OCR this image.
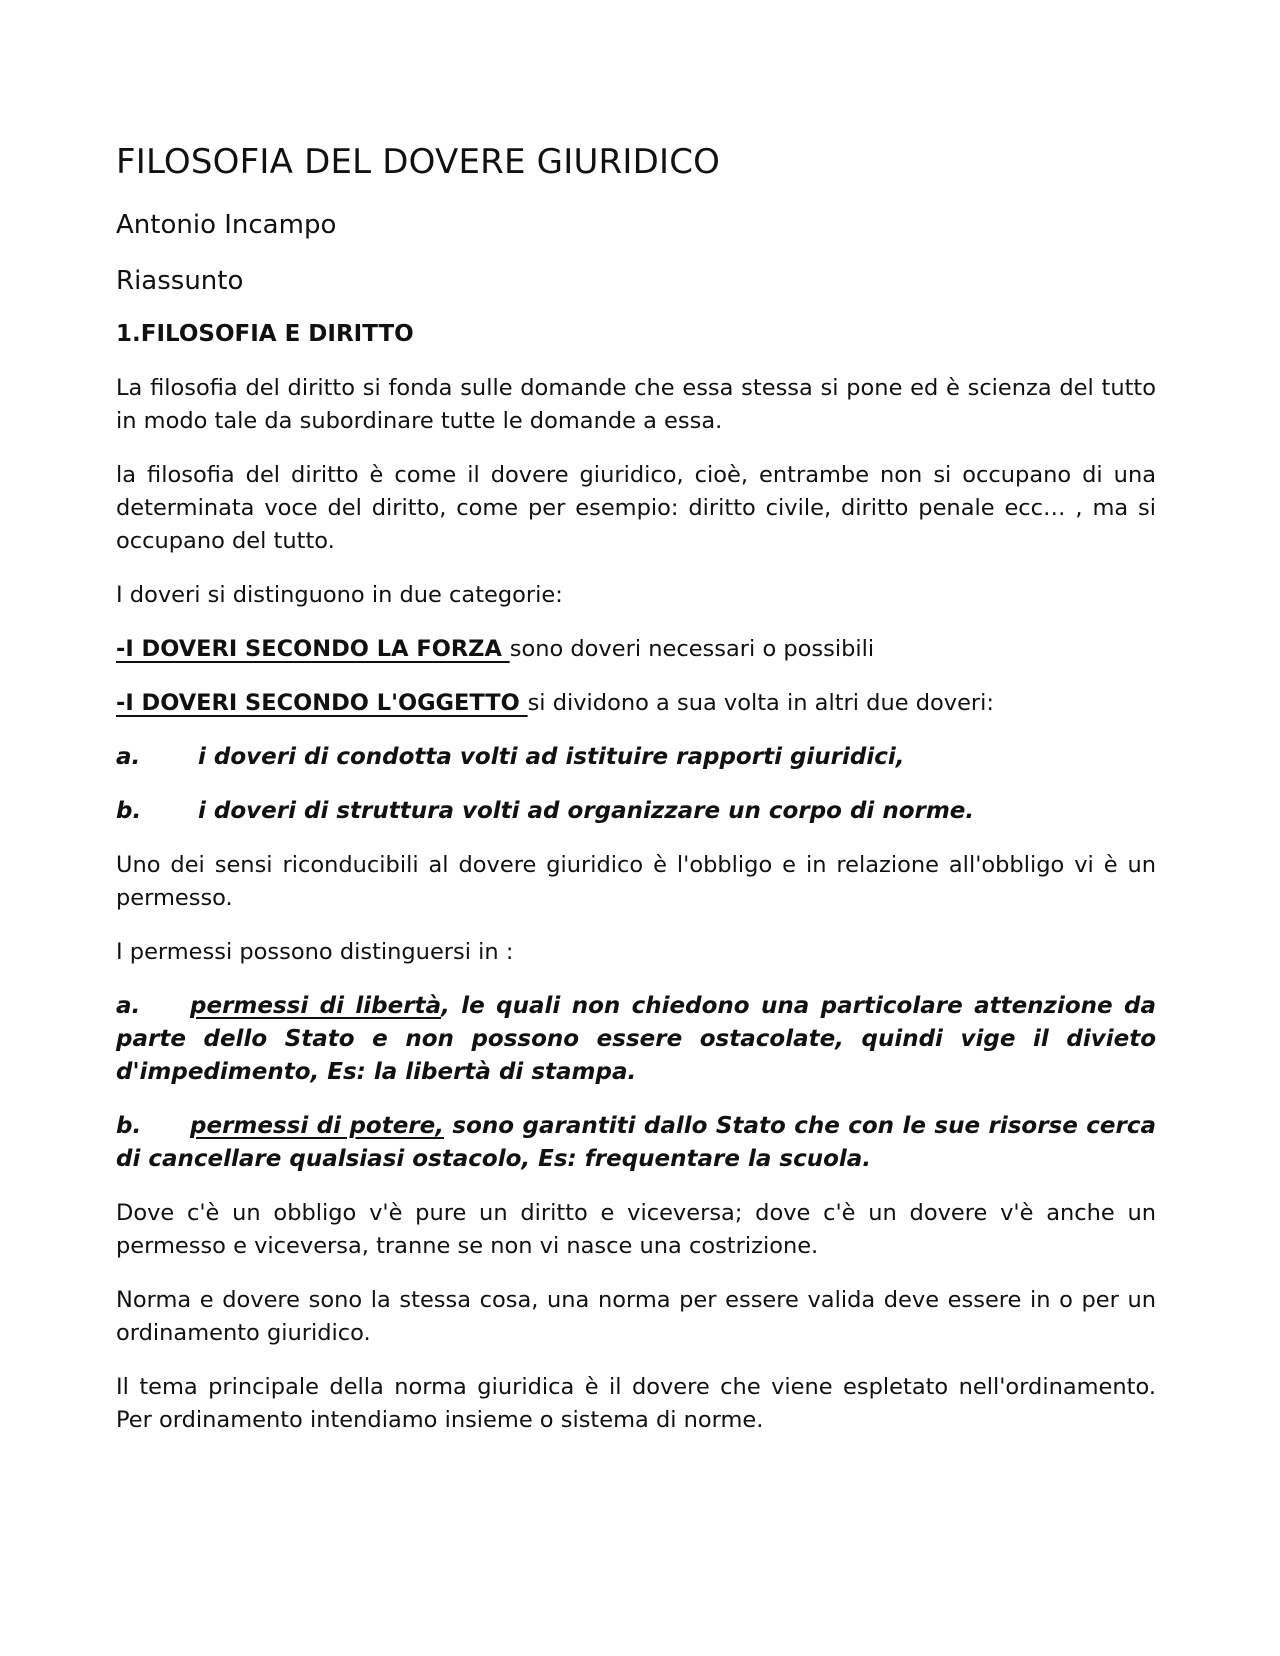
FILOSOFIA DEL DOVERE GIURIDICO
Antonio Incampo
Riassunto
1.FILOSOFIA E DIRITTO

La filosofia del diritto si fonda sulle domande che essa stessa si pone ed è scienza del tutto in modo tale da subordinare tutte le domande a essa.

la filosofia del diritto è come il dovere giuridico, cioè, entrambe non si occupano di una determinata voce del diritto, come per esempio: diritto civile, diritto penale ecc… , ma si occupano del tutto.

I doveri si distinguono in due categorie:

-I DOVERI SECONDO LA FORZA sono doveri necessari o possibili

-I DOVERI SECONDO L'OGGETTO si dividono a sua volta in altri due doveri:

a.	i doveri di condotta volti ad istituire rapporti giuridici,
b.	i doveri di struttura volti ad organizzare un corpo di norme.

Uno dei sensi riconducibili al dovere giuridico è l'obbligo e in relazione all'obbligo vi è un permesso.

I permessi possono distinguersi in :

a. permessi di libertà, le quali non chiedono una particolare attenzione da parte dello Stato e non possono essere ostacolate, quindi vige il divieto d'impedimento, Es: la libertà di stampa.
b. permessi di potere, sono garantiti dallo Stato che con le sue risorse cerca di cancellare qualsiasi ostacolo, Es: frequentare la scuola.

Dove c'è un obbligo v'è pure un diritto e viceversa; dove c'è un dovere v'è anche un permesso e viceversa, tranne se non vi nasce una costrizione.

Norma e dovere sono la stessa cosa, una norma per essere valida deve essere in o per un ordinamento giuridico.

Il tema principale della norma giuridica è il dovere che viene espletato nell'ordinamento. Per ordinamento intendiamo insieme o sistema di norme.
